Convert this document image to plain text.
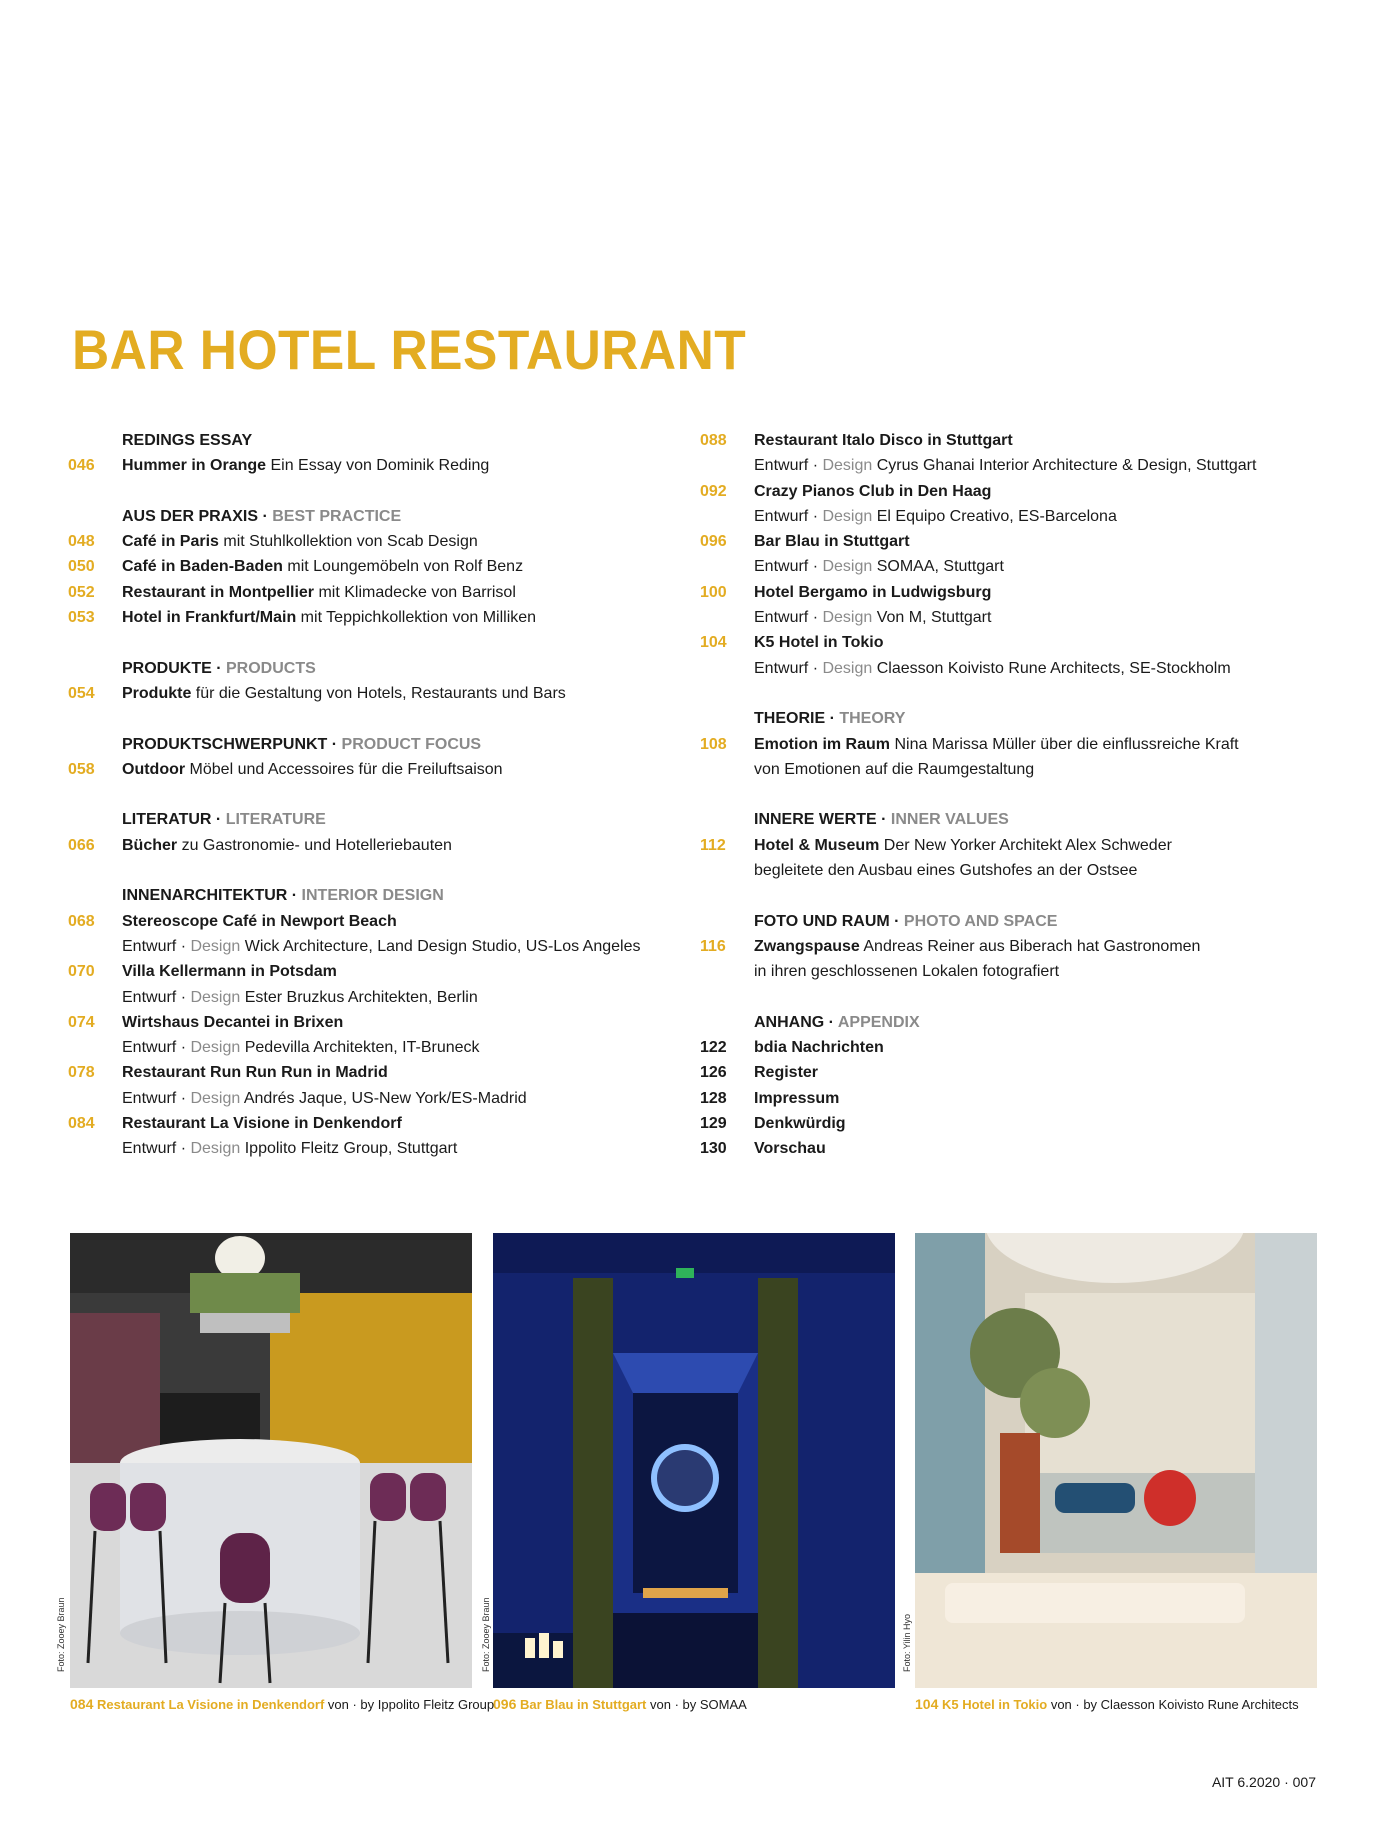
BAR HOTEL RESTAURANT
REDINGS ESSAY
046	Hummer in Orange Ein Essay von Dominik Reding
AUS DER PRAXIS · BEST PRACTICE
048	Café in Paris mit Stuhlkollektion von Scab Design
050	Café in Baden-Baden mit Loungemöbeln von Rolf Benz
052	Restaurant in Montpellier mit Klimadecke von Barrisol
053	Hotel in Frankfurt/Main mit Teppichkollektion von Milliken
PRODUKTE · PRODUCTS
054	Produkte für die Gestaltung von Hotels, Restaurants und Bars
PRODUKTSCHWERPUNKT · PRODUCT FOCUS
058	Outdoor Möbel und Accessoires für die Freiluftsaison
LITERATUR · LITERATURE
066	Bücher zu Gastronomie- und Hotelleriebauten
INNENARCHITEKTUR · INTERIOR DESIGN
068	Stereoscope Café in Newport Beach
Entwurf · Design Wick Architecture, Land Design Studio, US-Los Angeles
070	Villa Kellermann in Potsdam
Entwurf · Design Ester Bruzkus Architekten, Berlin
074	Wirtshaus Decantei in Brixen
Entwurf · Design Pedevilla Architekten, IT-Bruneck
078	Restaurant Run Run Run in Madrid
Entwurf · Design Andrés Jaque, US-New York/ES-Madrid
084	Restaurant La Visione in Denkendorf
Entwurf · Design Ippolito Fleitz Group, Stuttgart
088	Restaurant Italo Disco in Stuttgart
Entwurf · Design Cyrus Ghanai Interior Architecture & Design, Stuttgart
092	Crazy Pianos Club in Den Haag
Entwurf · Design El Equipo Creativo, ES-Barcelona
096	Bar Blau in Stuttgart
Entwurf · Design SOMAA, Stuttgart
100	Hotel Bergamo in Ludwigsburg
Entwurf · Design Von M, Stuttgart
104	K5 Hotel in Tokio
Entwurf · Design Claesson Koivisto Rune Architects, SE-Stockholm
THEORIE · THEORY
108	Emotion im Raum Nina Marissa Müller über die einflussreiche Kraft
von Emotionen auf die Raumgestaltung
INNERE WERTE · INNER VALUES
112	Hotel & Museum Der New Yorker Architekt Alex Schweder
begleitete den Ausbau eines Gutshofes an der Ostsee
FOTO UND RAUM · PHOTO AND SPACE
116	Zwangspause Andreas Reiner aus Biberach hat Gastronomen
in ihren geschlossenen Lokalen fotografiert
ANHANG · APPENDIX
122	bdia Nachrichten
126	Register
128	Impressum
129	Denkwürdig
130	Vorschau
Foto: Zooey Braun	Foto: Zooey Braun	Foto: Yilin Hyo
084 Restaurant La Visione in Denkendorf von · by Ippolito Fleitz Group
096 Bar Blau in Stuttgart von · by SOMAA	104 K5 Hotel in Tokio von · by Claesson Koivisto Rune Architects
AIT 6.2020 · 007
